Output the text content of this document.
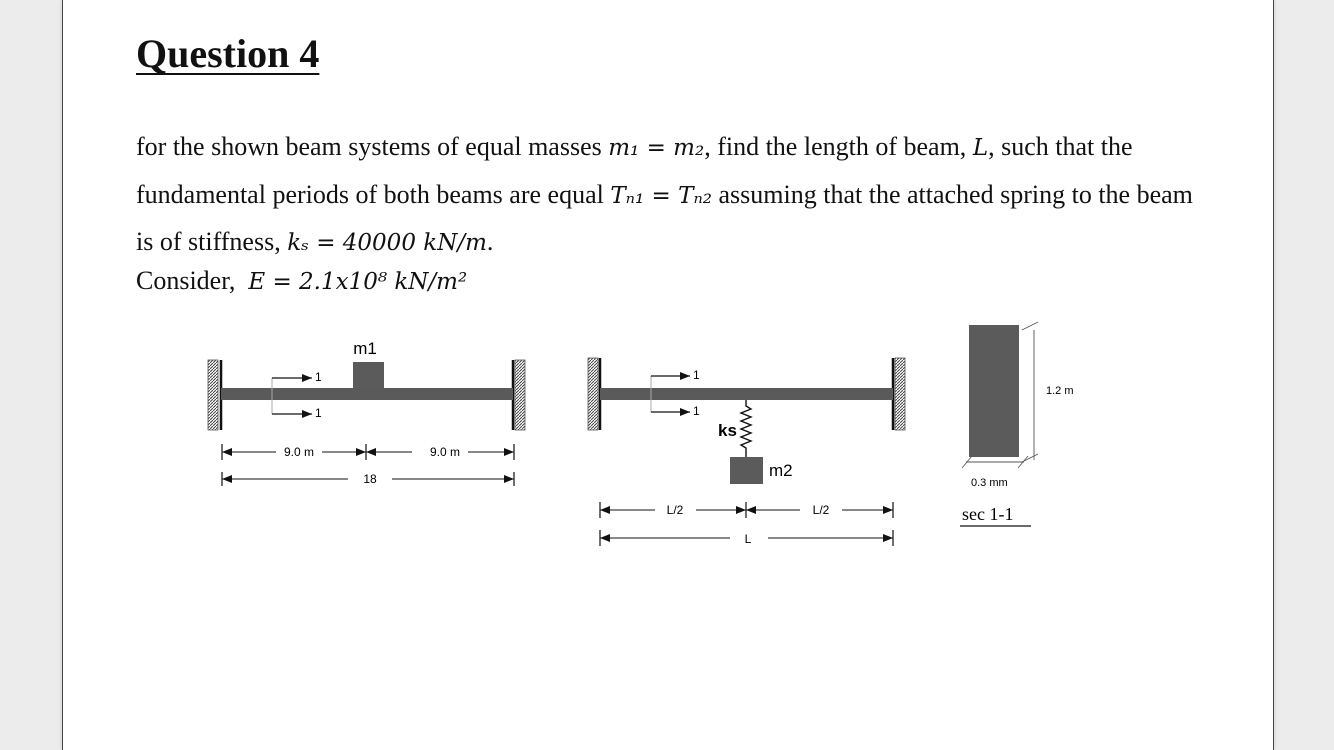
Question 4

for the shown beam systems of equal masses m₁ = m₂, find the length of beam, L, such that the
fundamental periods of both beams are equal Tₙ₁ = Tₙ₂ assuming that the attached spring to the beam
is of stiffness, kₛ = 40000 kN/m.

Consider, E = 2.1x10⁸ kN/m²

m1
1
1
9.0 m	9.0 m
18
1
1
ks
m2
L/2	L/2
L
1.2 m
0.3 mm
sec 1-1
